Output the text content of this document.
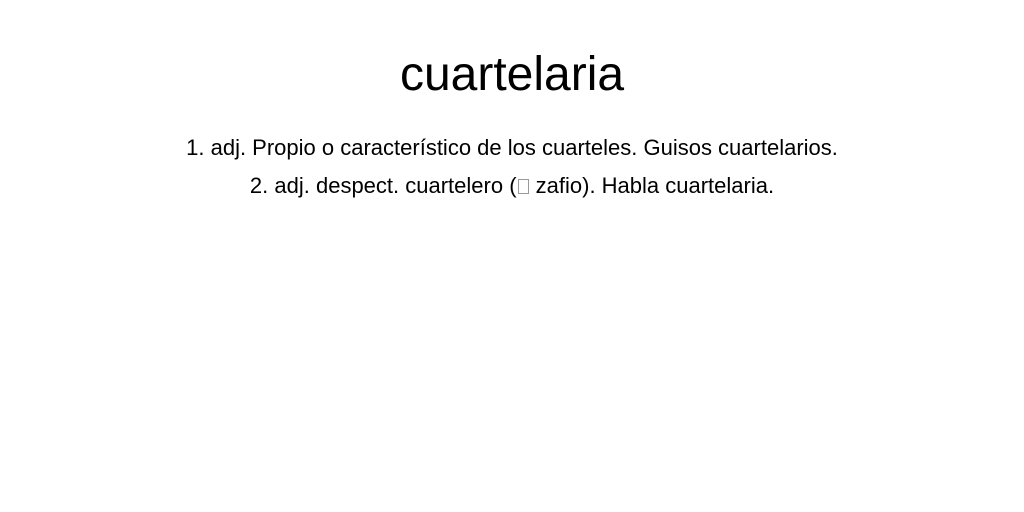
cuartelaria
1. adj. Propio o característico de los cuarteles. Guisos cuartelarios.
2. adj. despect. cuartelero ( zafio). Habla cuartelaria.
